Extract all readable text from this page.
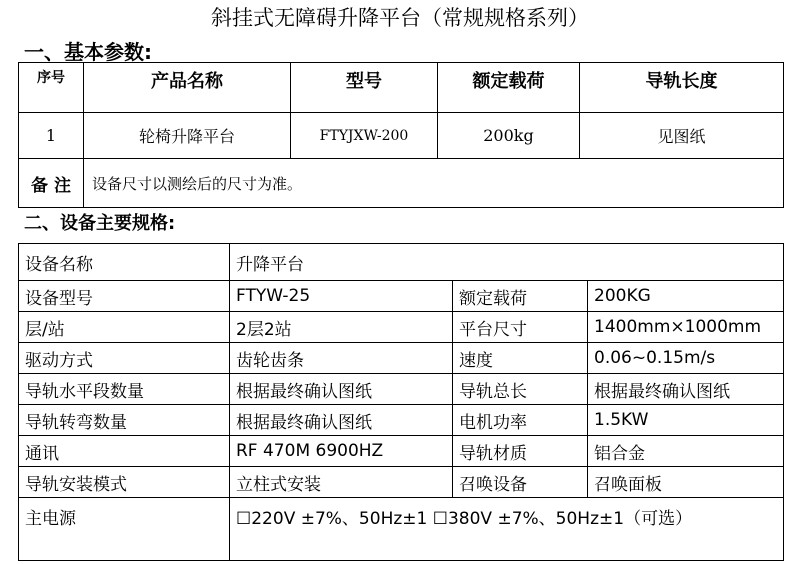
斜挂式无障碍升降平台（常规规格系列）
一、基本参数:
序号	产品名称	型号	额定载荷	导轨长度
1	轮椅升降平台	FTYJXW-200	200kg	见图纸
备 注	设备尺寸以测绘后的尺寸为准。			
二、设备主要规格:
设备名称	升降平台		
设备型号	FTYW-25	额定载荷	200KG
层/站	2层2站	平台尺寸	1400mm×1000mm
驱动方式	齿轮齿条	速度	0.06~0.15m/s
导轨水平段数量	根据最终确认图纸	导轨总长	根据最终确认图纸
导轨转弯数量	根据最终确认图纸	电机功率	1.5KW
通讯	RF 470M 6900HZ	导轨材质	铝合金
导轨安装模式	立柱式安装	召唤设备	召唤面板
主电源	☐220V ±7%、50Hz±1 ☐380V ±7%、50Hz±1（可选）		
